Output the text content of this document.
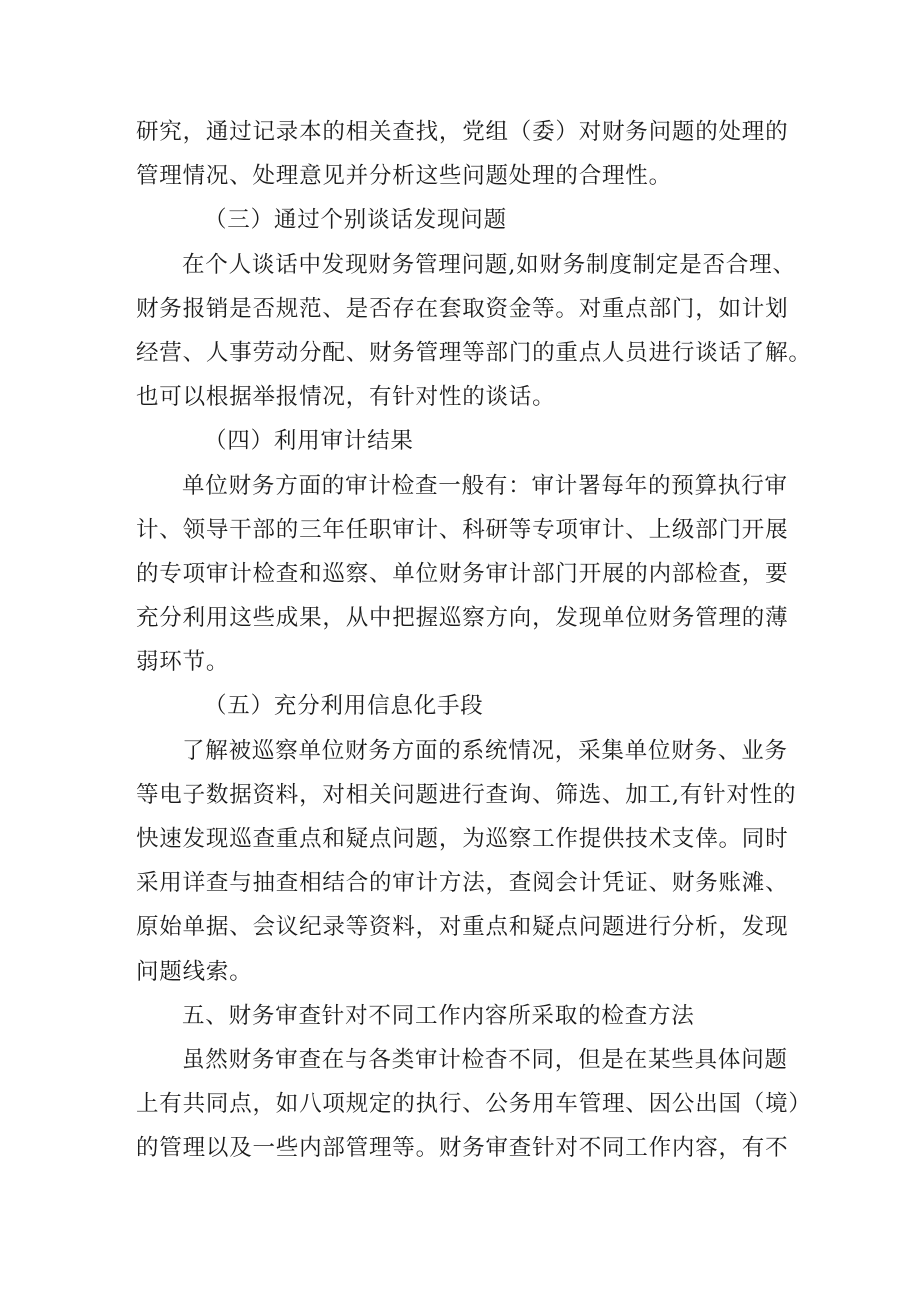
研究，通过记录本的相关查找，党组（委）对财务问题的处理的
管理情况、处理意见并分析这些问题处理的合理性。
（三）通过个别谈话发现问题
在个人谈话中发现财务管理问题,如财务制度制定是否合理、
财务报销是否规范、是否存在套取资金等。对重点部门，如计划
经营、人事劳动分配、财务管理等部门的重点人员进行谈话了解。
也可以根据举报情况，有针对性的谈话。
（四）利用审计结果
单位财务方面的审计检查一般有：审计署每年的预算执行审
计、领导干部的三年任职审计、科研等专项审计、上级部门开展
的专项审计检查和巡察、单位财务审计部门开展的内部检查，要
充分利用这些成果，从中把握巡察方向，发现单位财务管理的薄
弱环节。
（五）充分利用信息化手段
了解被巡察单位财务方面的系统情况，采集单位财务、业务
等电子数据资料，对相关问题进行查询、筛选、加工,有针对性的
快速发现巡查重点和疑点问题，为巡察工作提供技术支倖。同时
采用详查与抽查相结合的审计方法，查阅会计凭证、财务账滩、
原始单据、会议纪录等资料，对重点和疑点问题进行分析，发现
问题线索。
五、财务审查针对不同工作内容所采取的检查方法
虽然财务审查在与各类审计检杳不同，但是在某些具体问题
上有共同点，如八项规定的执行、公务用车管理、因公出国（境）
的管理以及一些内部管理等。财务审查针对不同工作内容，有不
